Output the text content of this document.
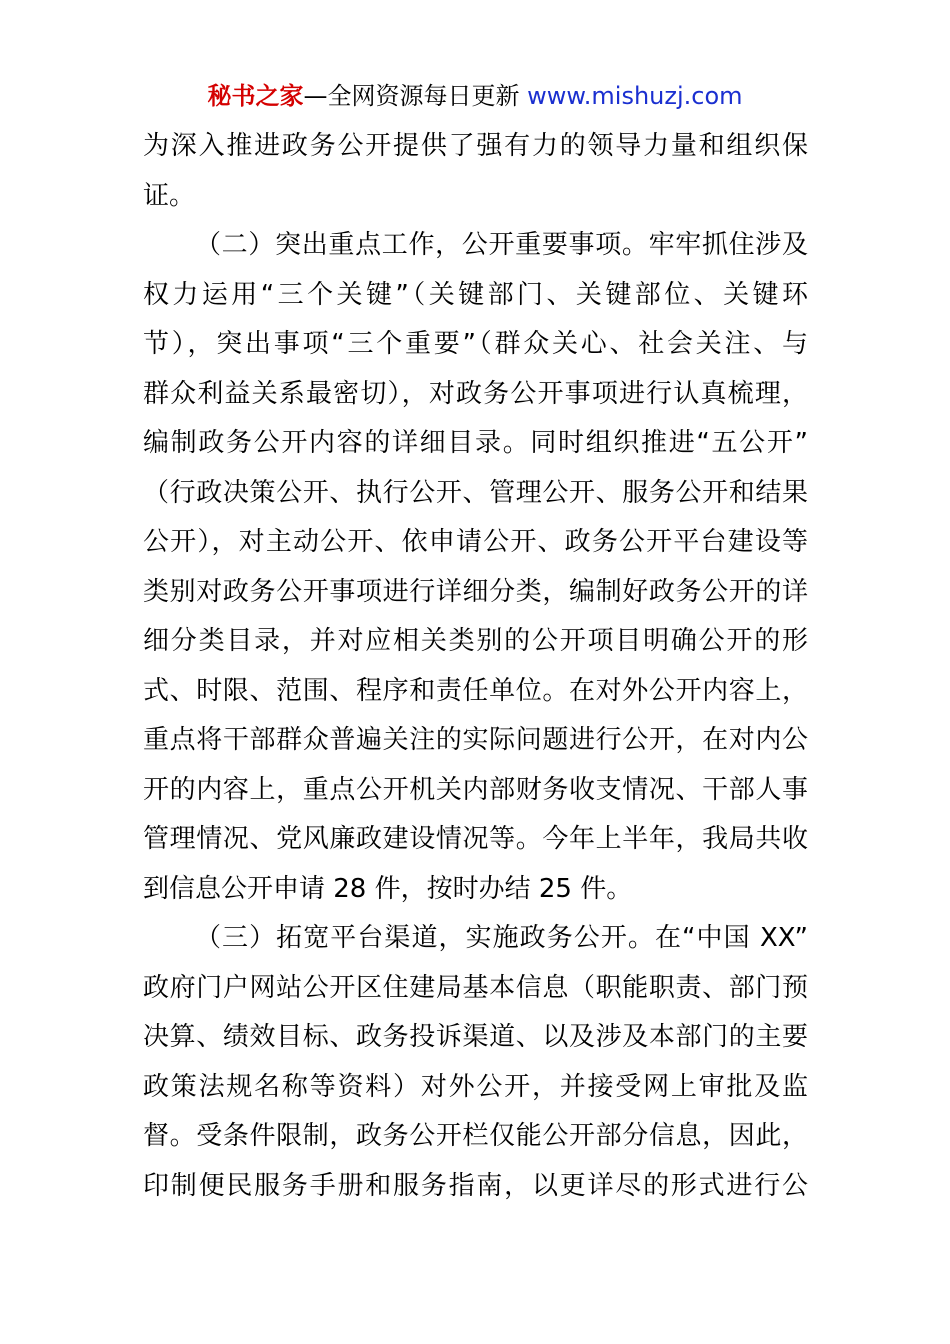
秘书之家—全网资源每日更新 www.mishuzj.com
为深入推进政务公开提供了强有力的领导力量和组织保
证。
（二）突出重点工作，公开重要事项。牢牢抓住涉及
权力运用“三个关键”（关键部门、关键部位、关键环
节），突出事项“三个重要”（群众关心、社会关注、与
群众利益关系最密切），对政务公开事项进行认真梳理，
编制政务公开内容的详细目录。同时组织推进“五公开”
（行政决策公开、执行公开、管理公开、服务公开和结果
公开），对主动公开、依申请公开、政务公开平台建设等
类别对政务公开事项进行详细分类，编制好政务公开的详
细分类目录，并对应相关类别的公开项目明确公开的形
式、时限、范围、程序和责任单位。在对外公开内容上，
重点将干部群众普遍关注的实际问题进行公开，在对内公
开的内容上，重点公开机关内部财务收支情况、干部人事
管理情况、党风廉政建设情况等。今年上半年，我局共收
到信息公开申请 28 件，按时办结 25 件。
（三）拓宽平台渠道，实施政务公开。在“中国 XX”
政府门户网站公开区住建局基本信息（职能职责、部门预
决算、绩效目标、政务投诉渠道、以及涉及本部门的主要
政策法规名称等资料）对外公开，并接受网上审批及监
督。受条件限制，政务公开栏仅能公开部分信息，因此，
印制便民服务手册和服务指南，以更详尽的形式进行公
